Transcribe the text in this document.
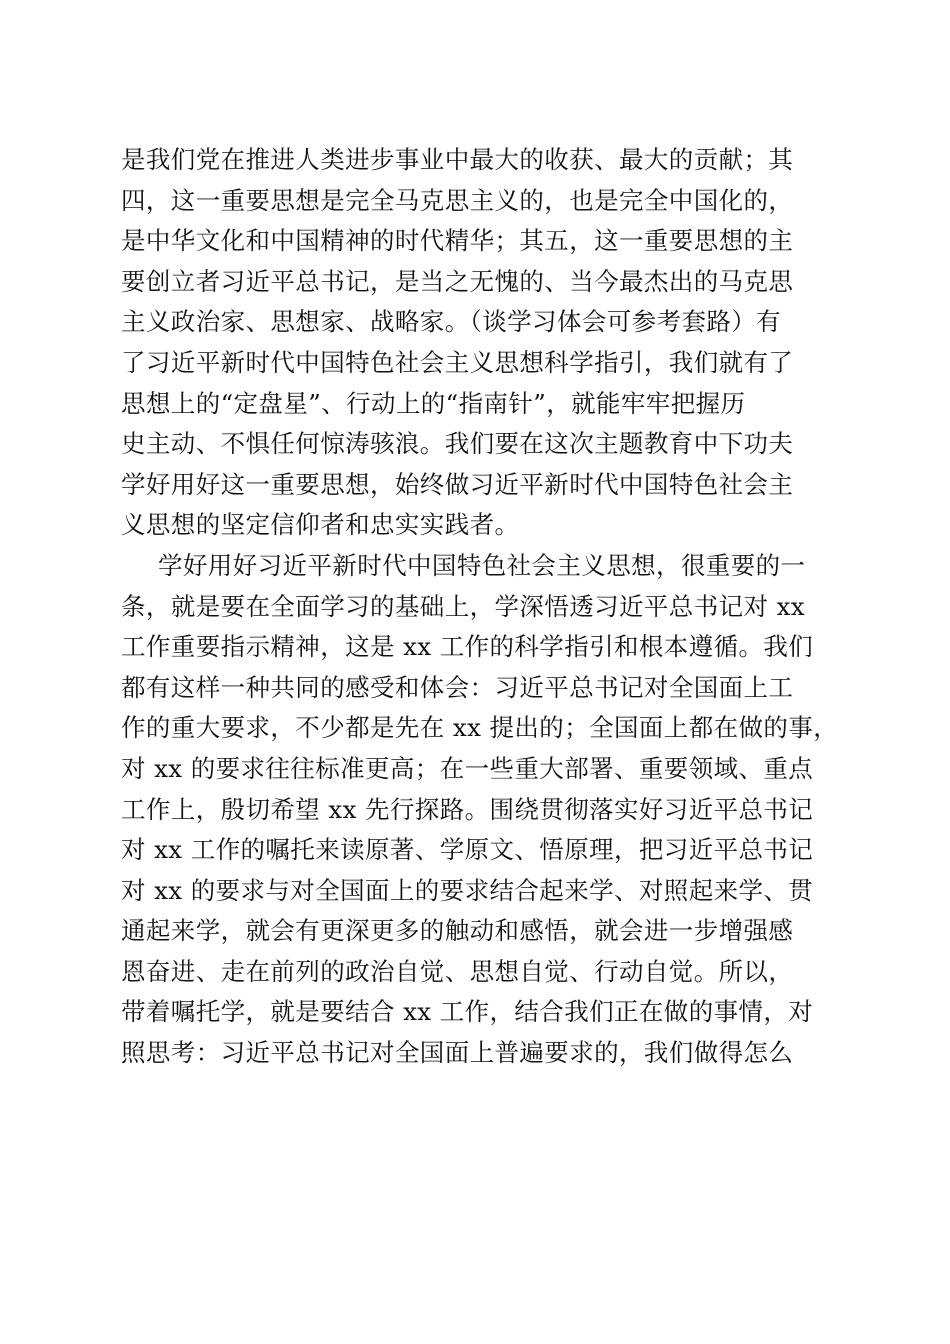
是我们党在推进人类进步事业中最大的收获、最大的贡献；其
四，这一重要思想是完全马克思主义的，也是完全中国化的，
是中华文化和中国精神的时代精华；其五，这一重要思想的主
要创立者习近平总书记，是当之无愧的、当今最杰出的马克思
主义政治家、思想家、战略家。（谈学习体会可参考套路）有
了习近平新时代中国特色社会主义思想科学指引，我们就有了
思想上的“定盘星”、行动上的“指南针”，就能牢牢把握历
史主动、不惧任何惊涛骇浪。我们要在这次主题教育中下功夫
学好用好这一重要思想，始终做习近平新时代中国特色社会主
义思想的坚定信仰者和忠实实践者。
学好用好习近平新时代中国特色社会主义思想，很重要的一
条，就是要在全面学习的基础上，学深悟透习近平总书记对 xx
工作重要指示精神，这是 xx 工作的科学指引和根本遵循。我们
都有这样一种共同的感受和体会：习近平总书记对全国面上工
作的重大要求，不少都是先在 xx 提出的；全国面上都在做的事，
对 xx 的要求往往标准更高；在一些重大部署、重要领域、重点
工作上，殷切希望 xx 先行探路。围绕贯彻落实好习近平总书记
对 xx 工作的嘱托来读原著、学原文、悟原理，把习近平总书记
对 xx 的要求与对全国面上的要求结合起来学、对照起来学、贯
通起来学，就会有更深更多的触动和感悟，就会进一步增强感
恩奋进、走在前列的政治自觉、思想自觉、行动自觉。所以，
带着嘱托学，就是要结合 xx 工作，结合我们正在做的事情，对
照思考：习近平总书记对全国面上普遍要求的，我们做得怎么
